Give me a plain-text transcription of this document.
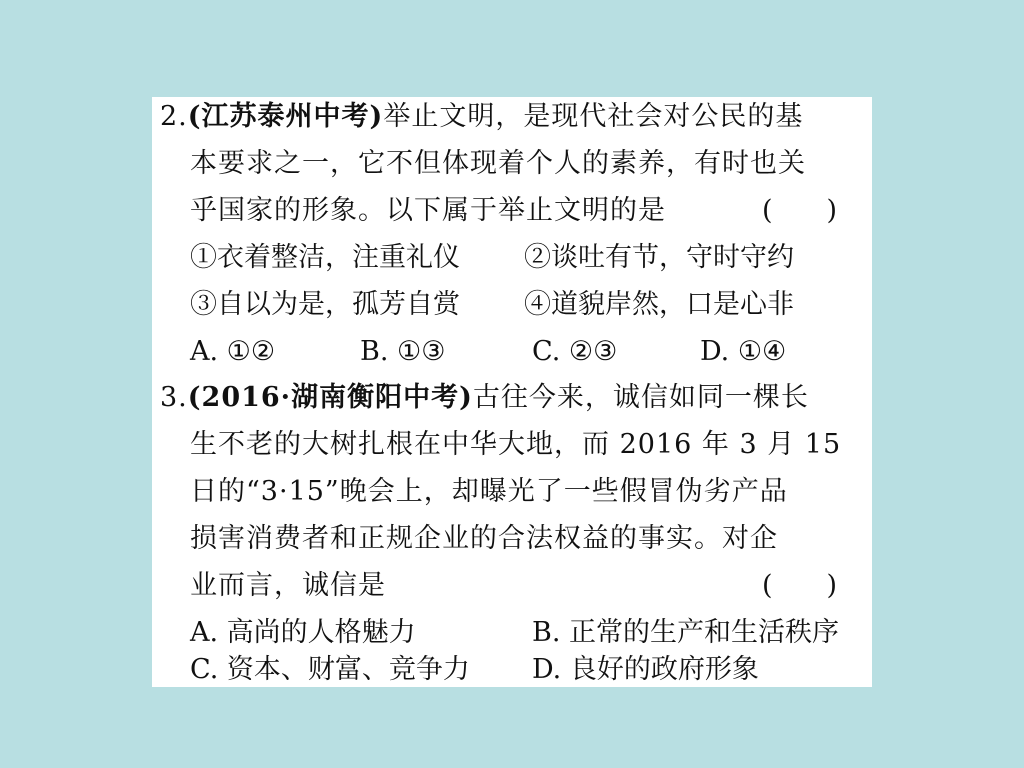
2.(江苏泰州中考)举止文明，是现代社会对公民的基
本要求之一，它不但体现着个人的素养，有时也关
乎国家的形象。以下属于举止文明的是	(　　)
①衣着整洁，注重礼仪 ②谈吐有节，守时守约
③自以为是，孤芳自赏 ④道貌岸然，口是心非
A. ①②	B. ①③	C. ②③	D. ①④
3.(2016·湖南衡阳中考)古往今来，诚信如同一棵长
生不老的大树扎根在中华大地，而 2016 年 3 月 15
日的“3·15”晚会上，却曝光了一些假冒伪劣产品
损害消费者和正规企业的合法权益的事实。对企
业而言，诚信是	(　　)
A. 高尚的人格魅力	B. 正常的生产和生活秩序
C. 资本、财富、竞争力 D. 良好的政府形象
